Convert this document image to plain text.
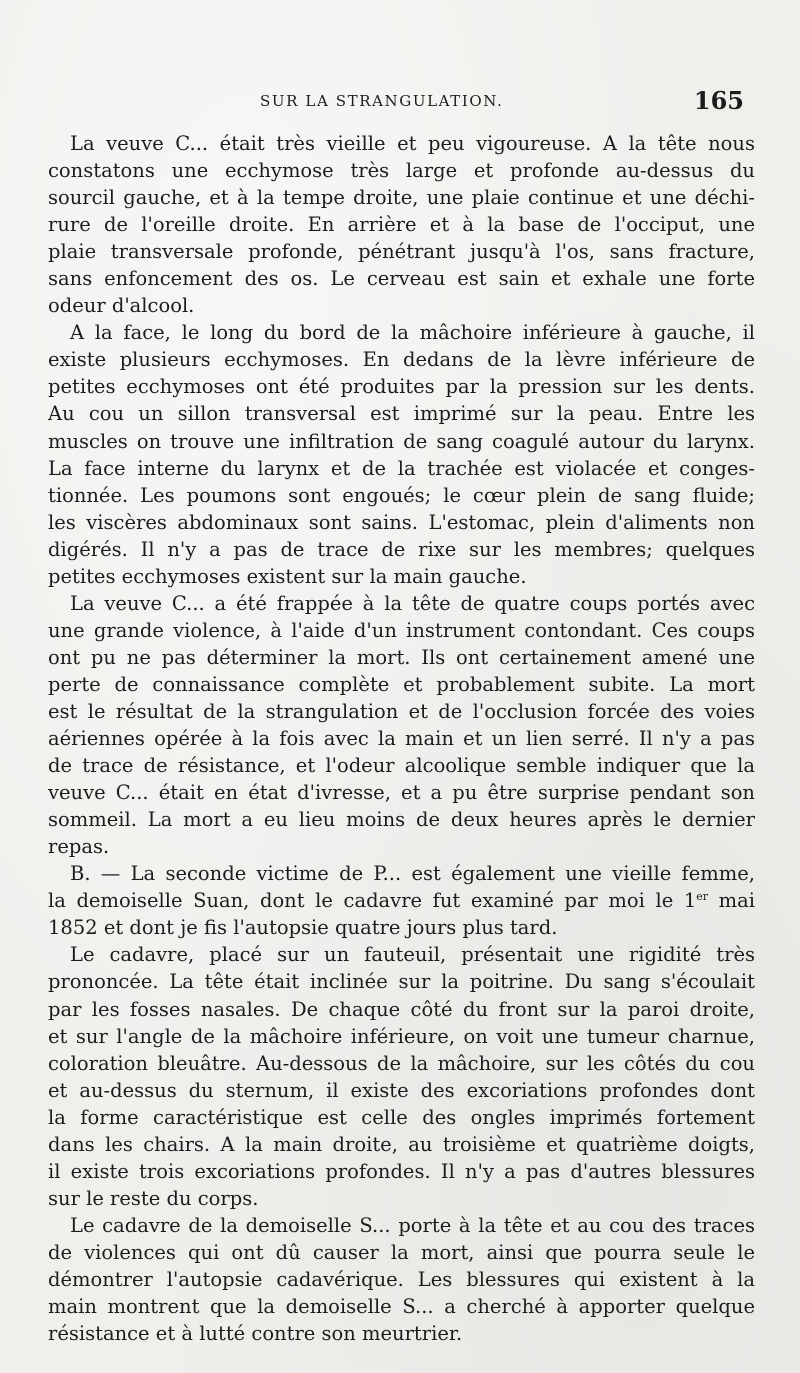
SUR LA STRANGULATION.	165
La veuve C... était très vieille et peu vigoureuse. A la tête nous
constatons une ecchymose très large et profonde au-dessus du
sourcil gauche, et à la tempe droite, une plaie continue et une déchi-
rure de l'oreille droite. En arrière et à la base de l'occiput, une
plaie transversale profonde, pénétrant jusqu'à l'os, sans fracture,
sans enfoncement des os. Le cerveau est sain et exhale une forte
odeur d'alcool.
A la face, le long du bord de la mâchoire inférieure à gauche, il
existe plusieurs ecchymoses. En dedans de la lèvre inférieure de
petites ecchymoses ont été produites par la pression sur les dents.
Au cou un sillon transversal est imprimé sur la peau. Entre les
muscles on trouve une infiltration de sang coagulé autour du larynx.
La face interne du larynx et de la trachée est violacée et conges-
tionnée. Les poumons sont engoués; le cœur plein de sang fluide;
les viscères abdominaux sont sains. L'estomac, plein d'aliments non
digérés. Il n'y a pas de trace de rixe sur les membres; quelques
petites ecchymoses existent sur la main gauche.
La veuve C... a été frappée à la tête de quatre coups portés avec
une grande violence, à l'aide d'un instrument contondant. Ces coups
ont pu ne pas déterminer la mort. Ils ont certainement amené une
perte de connaissance complète et probablement subite. La mort
est le résultat de la strangulation et de l'occlusion forcée des voies
aériennes opérée à la fois avec la main et un lien serré. Il n'y a pas
de trace de résistance, et l'odeur alcoolique semble indiquer que la
veuve C... était en état d'ivresse, et a pu être surprise pendant son
sommeil. La mort a eu lieu moins de deux heures après le dernier
repas.
B. — La seconde victime de P... est également une vieille femme,
la demoiselle Suan, dont le cadavre fut examiné par moi le 1er mai
1852 et dont je fis l'autopsie quatre jours plus tard.
Le cadavre, placé sur un fauteuil, présentait une rigidité très
prononcée. La tête était inclinée sur la poitrine. Du sang s'écoulait
par les fosses nasales. De chaque côté du front sur la paroi droite,
et sur l'angle de la mâchoire inférieure, on voit une tumeur charnue,
coloration bleuâtre. Au-dessous de la mâchoire, sur les côtés du cou
et au-dessus du sternum, il existe des excoriations profondes dont
la forme caractéristique est celle des ongles imprimés fortement
dans les chairs. A la main droite, au troisième et quatrième doigts,
il existe trois excoriations profondes. Il n'y a pas d'autres blessures
sur le reste du corps.
Le cadavre de la demoiselle S... porte à la tête et au cou des traces
de violences qui ont dû causer la mort, ainsi que pourra seule le
démontrer l'autopsie cadavérique. Les blessures qui existent à la
main montrent que la demoiselle S... a cherché à apporter quelque
résistance et à lutté contre son meurtrier.
